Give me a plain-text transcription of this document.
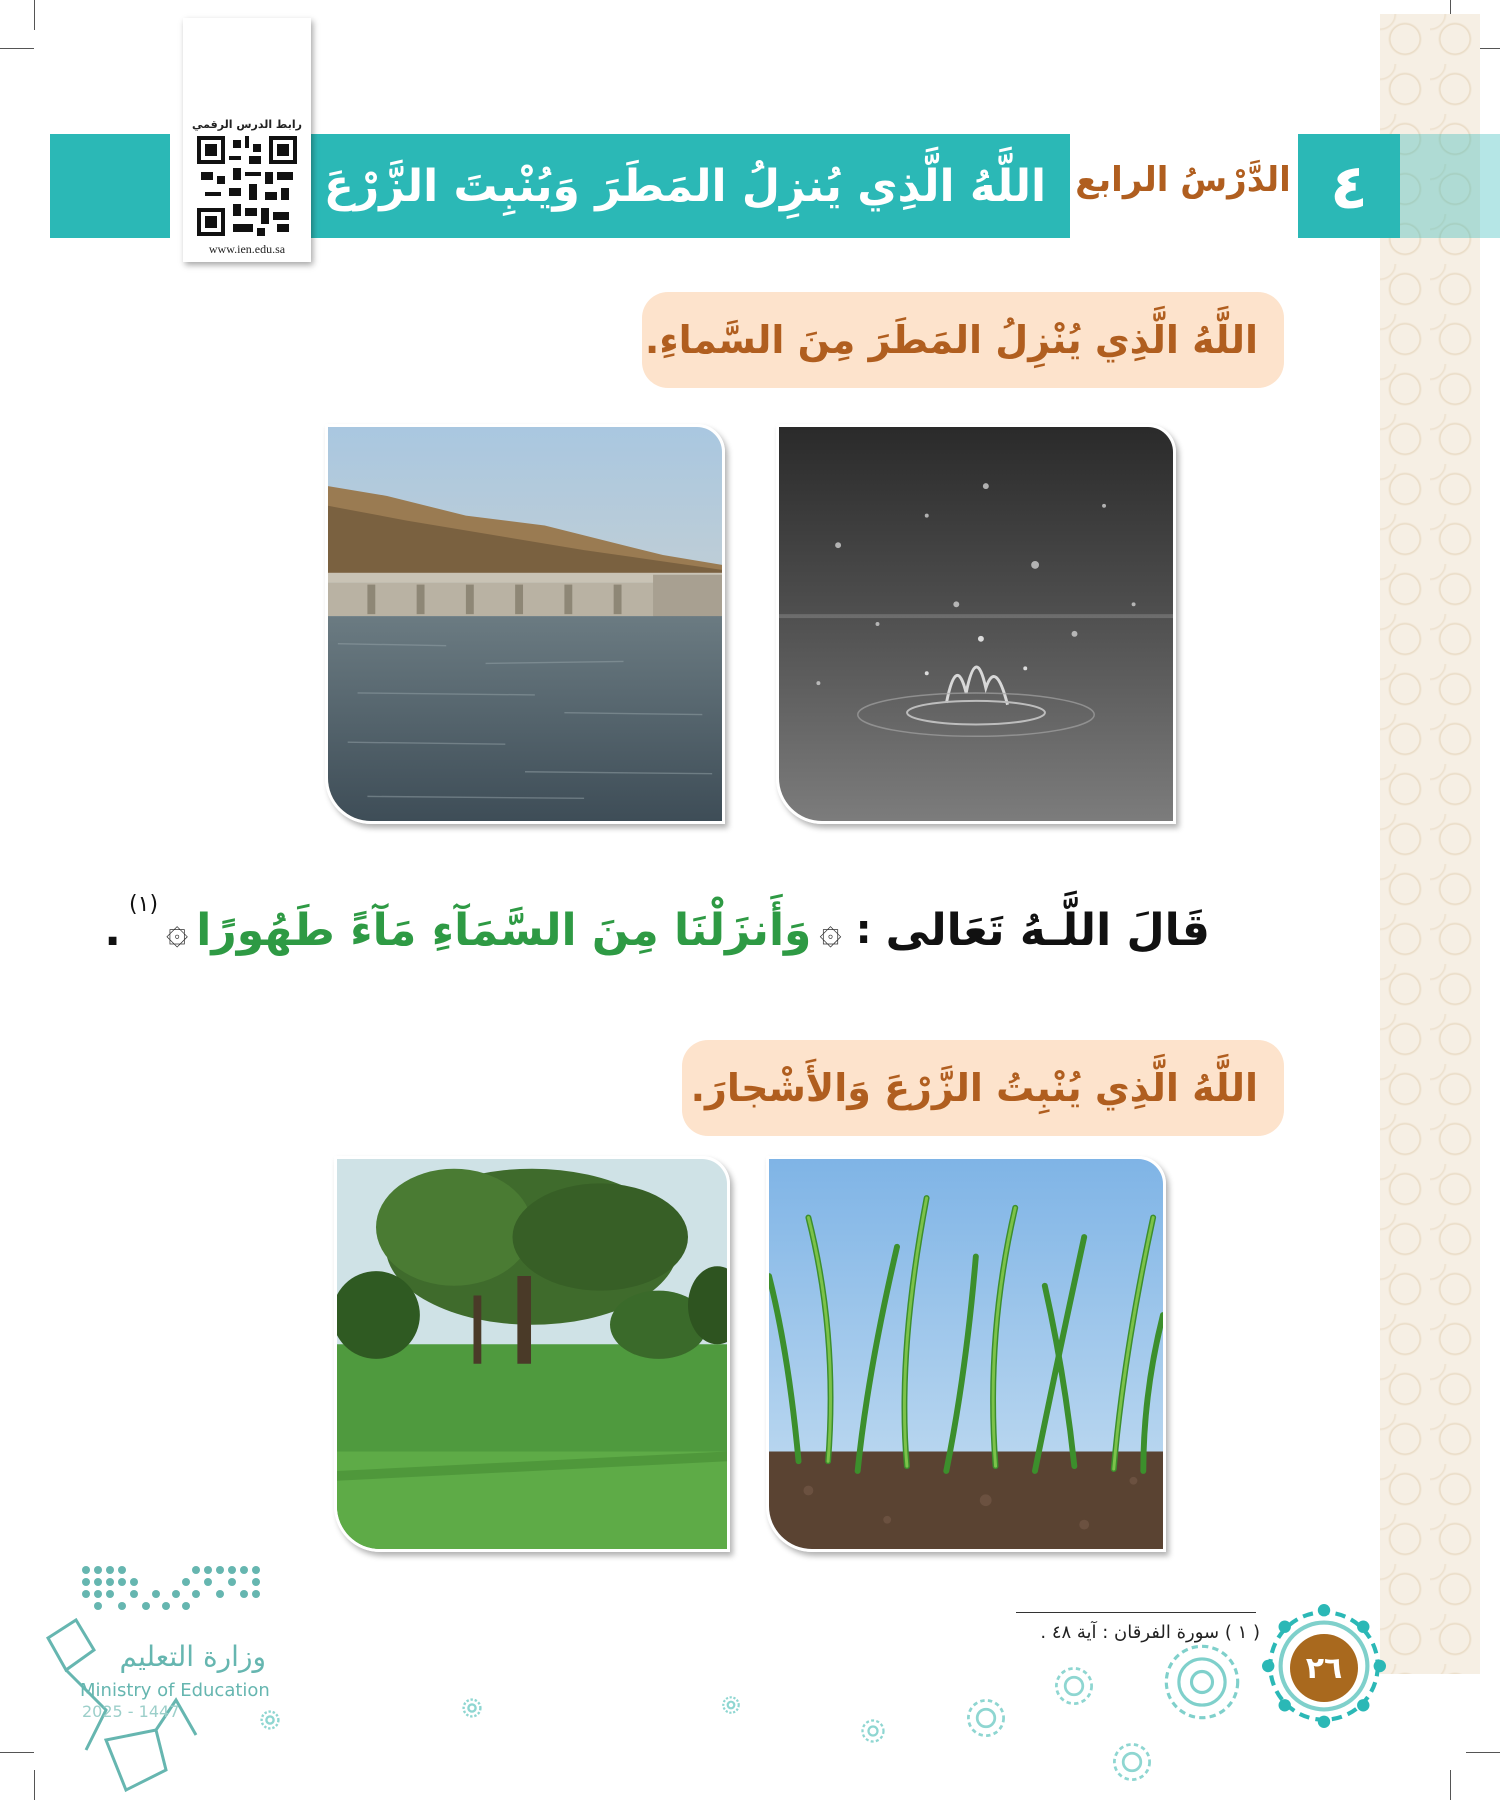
اللَّهُ الَّذِي يُنزِلُ المَطَرَ وَيُنْبِتَ الزَّرْعَ الدَّرْسُ الرابع ٤
رابط الدرس الرقمي
www.ien.edu.sa
اللَّهُ الَّذِي يُنْزِلُ المَطَرَ مِنَ السَّماءِ.
قَالَ اللَّـهُ تَعَالى
:
۞
وَأَنزَلْنَا مِنَ السَّمَآءِ مَآءً طَهُورًا
۞
(١)
.
اللَّهُ الَّذِي يُنْبِتُ الزَّرْعَ وَالأَشْجارَ.
( ١ ) سورة الفرقان : آية ٤٨ .
٢٦
وزارة التعليم
Ministry of Education
2025 - 1447
